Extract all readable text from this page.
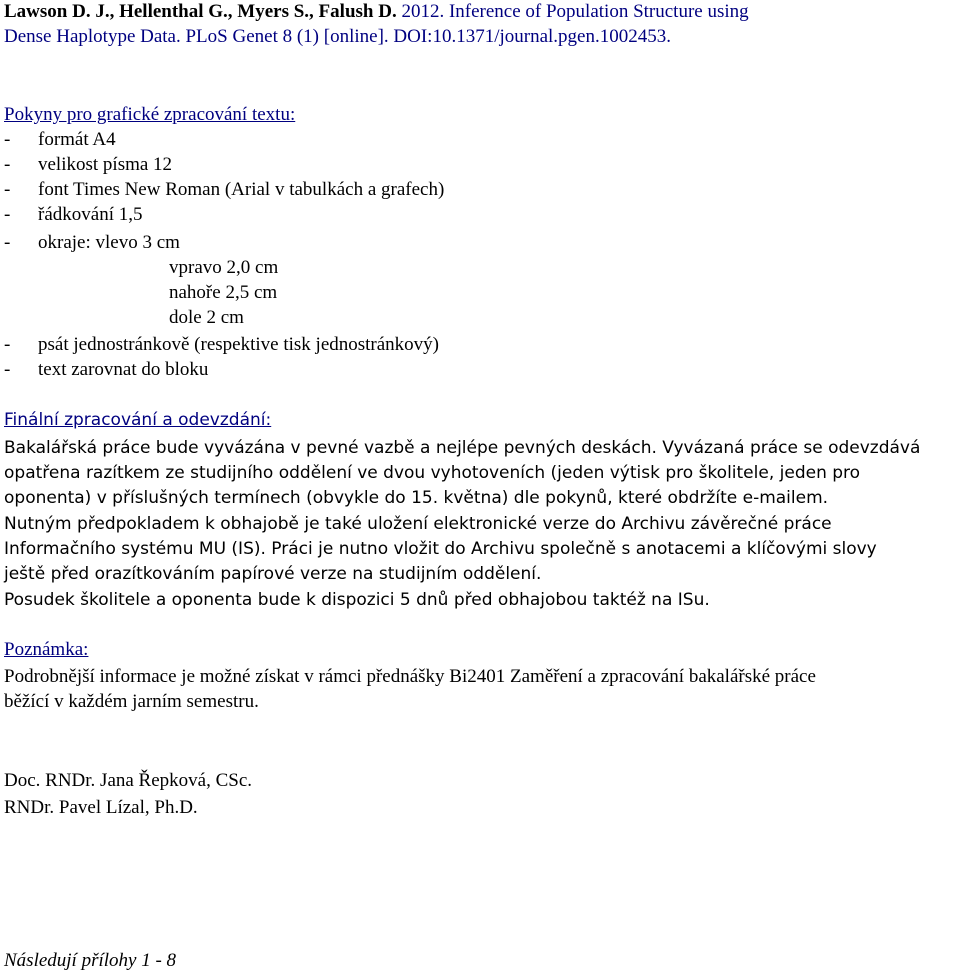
Lawson D. J., Hellenthal G., Myers S., Falush D. 2012. Inference of Population Structure using
Dense Haplotype Data. PLoS Genet 8 (1) [online]. DOI:10.1371/journal.pgen.1002453.
Pokyny pro grafické zpracování textu:
- formát A4
- velikost písma 12
- font Times New Roman (Arial v tabulkách a grafech)
- řádkování 1,5
- okraje: vlevo 3 cm
vpravo 2,0 cm
nahoře 2,5 cm
dole 2 cm
- psát jednostránkově (respektive tisk jednostránkový)
- text zarovnat do bloku
Finální zpracování a odevzdání:
Bakalářská práce bude vyvázána v pevné vazbě a nejlépe pevných deskách. Vyvázaná práce se odevzdává
opatřena razítkem ze studijního oddělení ve dvou vyhotoveních (jeden výtisk pro školitele, jeden pro
oponenta) v příslušných termínech (obvykle do 15. května) dle pokynů, které obdržíte e-mailem.
Nutným předpokladem k obhajobě je také uložení elektronické verze do Archivu závěrečné práce
Informačního systému MU (IS). Práci je nutno vložit do Archivu společně s anotacemi a klíčovými slovy
ještě před orazítkováním papírové verze na studijním oddělení.
Posudek školitele a oponenta bude k dispozici 5 dnů před obhajobou taktéž na ISu.
Poznámka:
Podrobnější informace je možné získat v rámci přednášky Bi2401 Zaměření a zpracování bakalářské práce
běžící v každém jarním semestru.
Doc. RNDr. Jana Řepková, CSc.
RNDr. Pavel Lízal, Ph.D.
Následují přílohy 1 - 8
